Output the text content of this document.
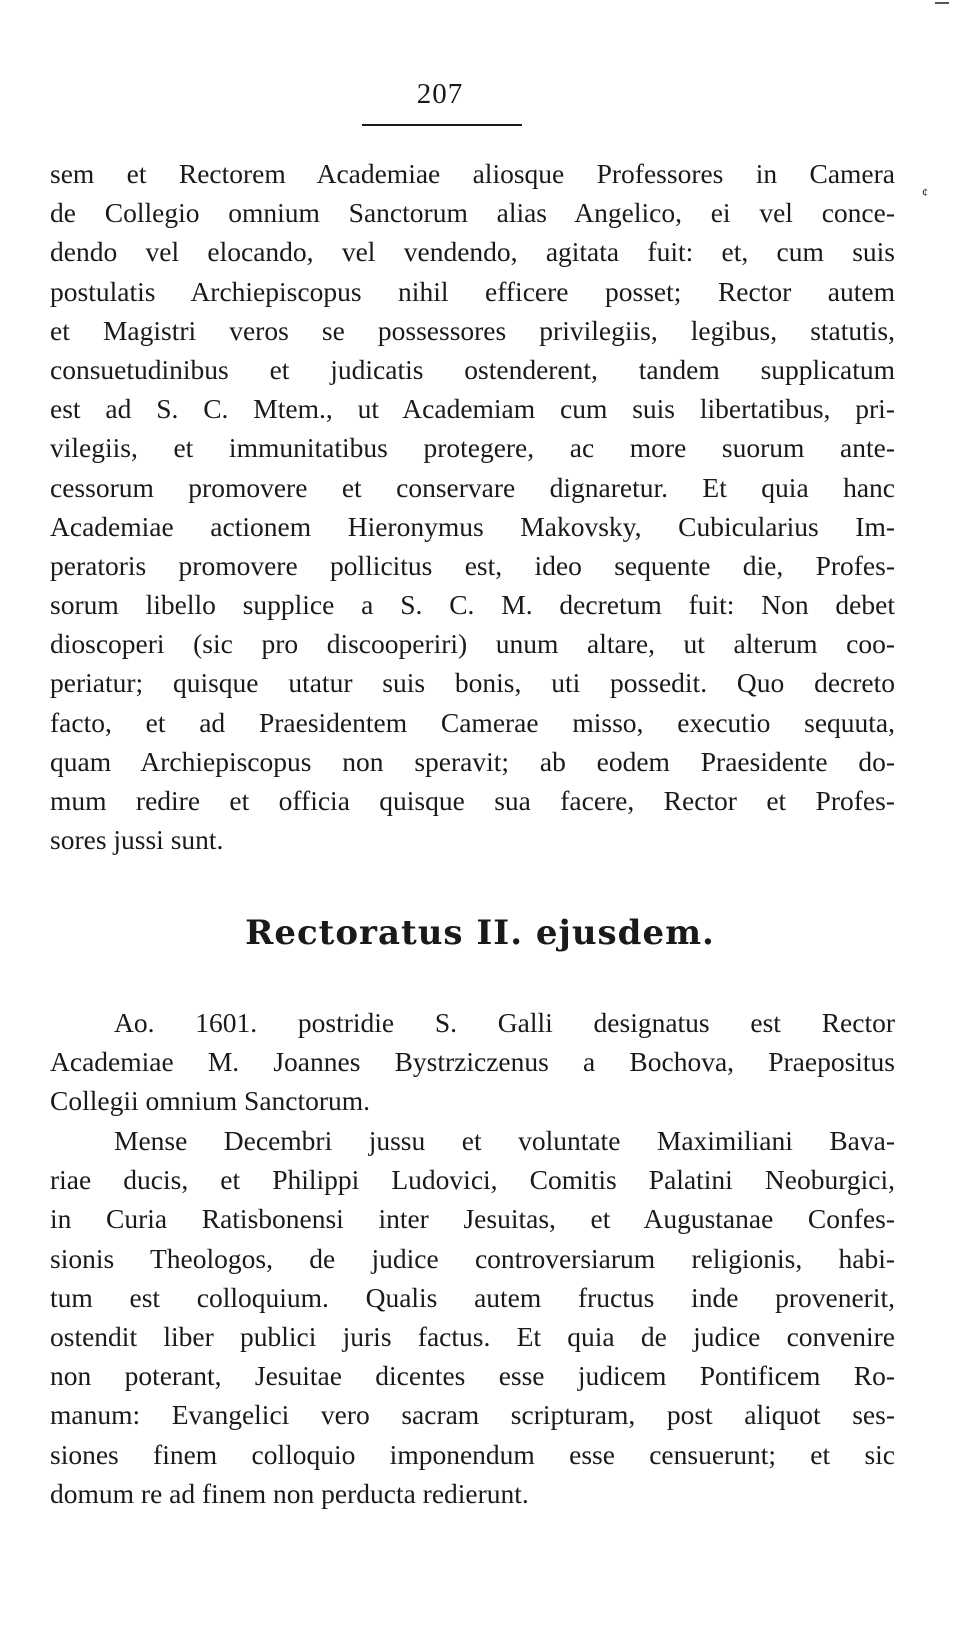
207
¢
sem et Rectorem Academiae aliosque Professores in Camera
de Collegio omnium Sanctorum alias Angelico, ei vel conce-
dendo vel elocando, vel vendendo, agitata fuit: et, cum suis
postulatis Archiepiscopus nihil efficere posset; Rector autem
et Magistri veros se possessores privilegiis, legibus, statutis,
consuetudinibus et judicatis ostenderent, tandem supplicatum
est ad S. C. Mtem., ut Academiam cum suis libertatibus, pri-
vilegiis, et immunitatibus protegere, ac more suorum ante-
cessorum promovere et conservare dignaretur. Et quia hanc
Academiae actionem Hieronymus Makovsky, Cubicularius Im-
peratoris promovere pollicitus est, ideo sequente die, Profes-
sorum libello supplice a S. C. M. decretum fuit: Non debet
dioscoperi (sic pro discooperiri) unum altare, ut alterum coo-
periatur; quisque utatur suis bonis, uti possedit. Quo decreto
facto, et ad Praesidentem Camerae misso, executio sequuta,
quam Archiepiscopus non speravit; ab eodem Praesidente do-
mum redire et officia quisque sua facere, Rector et Profes-
sores jussi sunt.
Rectoratus II. ejusdem.
Ao. 1601. postridie S. Galli designatus est Rector
Academiae M. Joannes Bystrziczenus a Bochova, Praepositus
Collegii omnium Sanctorum.
Mense Decembri jussu et voluntate Maximiliani Bava-
riae ducis, et Philippi Ludovici, Comitis Palatini Neoburgici,
in Curia Ratisbonensi inter Jesuitas, et Augustanae Confes-
sionis Theologos, de judice controversiarum religionis, habi-
tum est colloquium. Qualis autem fructus inde provenerit,
ostendit liber publici juris factus. Et quia de judice convenire
non poterant, Jesuitae dicentes esse judicem Pontificem Ro-
manum: Evangelici vero sacram scripturam, post aliquot ses-
siones finem colloquio imponendum esse censuerunt; et sic
domum re ad finem non perducta redierunt.
